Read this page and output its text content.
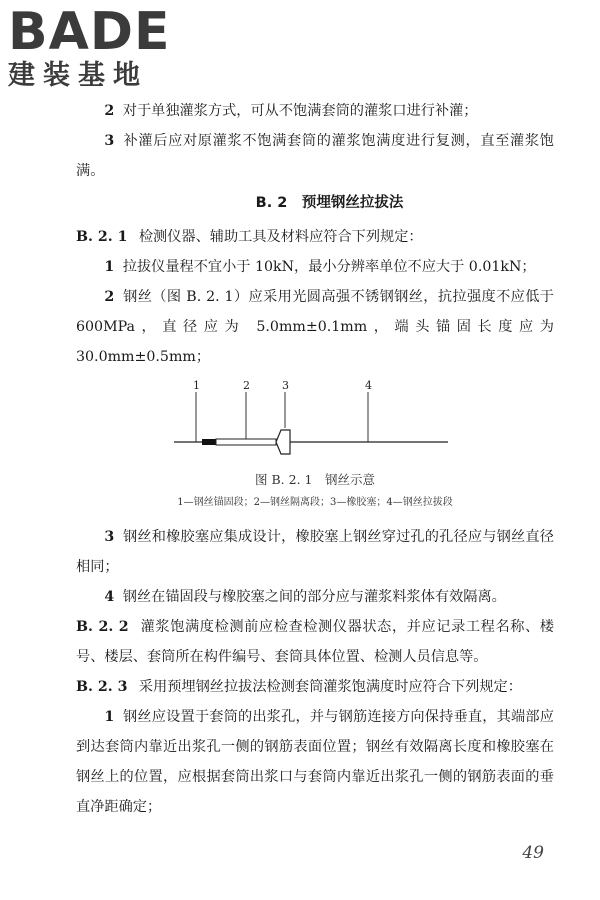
BADE
建装基地

2 对于单独灌浆方式，可从不饱满套筒的灌浆口进行补灌；

3 补灌后应对原灌浆不饱满套筒的灌浆饱满度进行复测，直至灌浆饱满。

B. 2　预埋钢丝拉拔法

B. 2. 1 检测仪器、辅助工具及材料应符合下列规定：

1 拉拔仪量程不宜小于 10kN，最小分辨率单位不应大于 0.01kN；

2 钢丝（图 B. 2. 1）应采用光圆高强不锈钢钢丝，抗拉强度不应低于 600MPa，直径应为 5.0mm±0.1mm，端头锚固长度应为 30.0mm±0.5mm；

1	2	3	4
图 B. 2. 1　钢丝示意
1—钢丝锚固段；2—钢丝隔离段；3—橡胶塞；4—钢丝拉拔段

3 钢丝和橡胶塞应集成设计，橡胶塞上钢丝穿过孔的孔径应与钢丝直径相同；

4 钢丝在锚固段与橡胶塞之间的部分应与灌浆料浆体有效隔离。

B. 2. 2 灌浆饱满度检测前应检查检测仪器状态，并应记录工程名称、楼号、楼层、套筒所在构件编号、套筒具体位置、检测人员信息等。

B. 2. 3 采用预埋钢丝拉拔法检测套筒灌浆饱满度时应符合下列规定：

1 钢丝应设置于套筒的出浆孔，并与钢筋连接方向保持垂直，其端部应到达套筒内靠近出浆孔一侧的钢筋表面位置；钢丝有效隔离长度和橡胶塞在钢丝上的位置，应根据套筒出浆口与套筒内靠近出浆孔一侧的钢筋表面的垂直净距确定；

49
